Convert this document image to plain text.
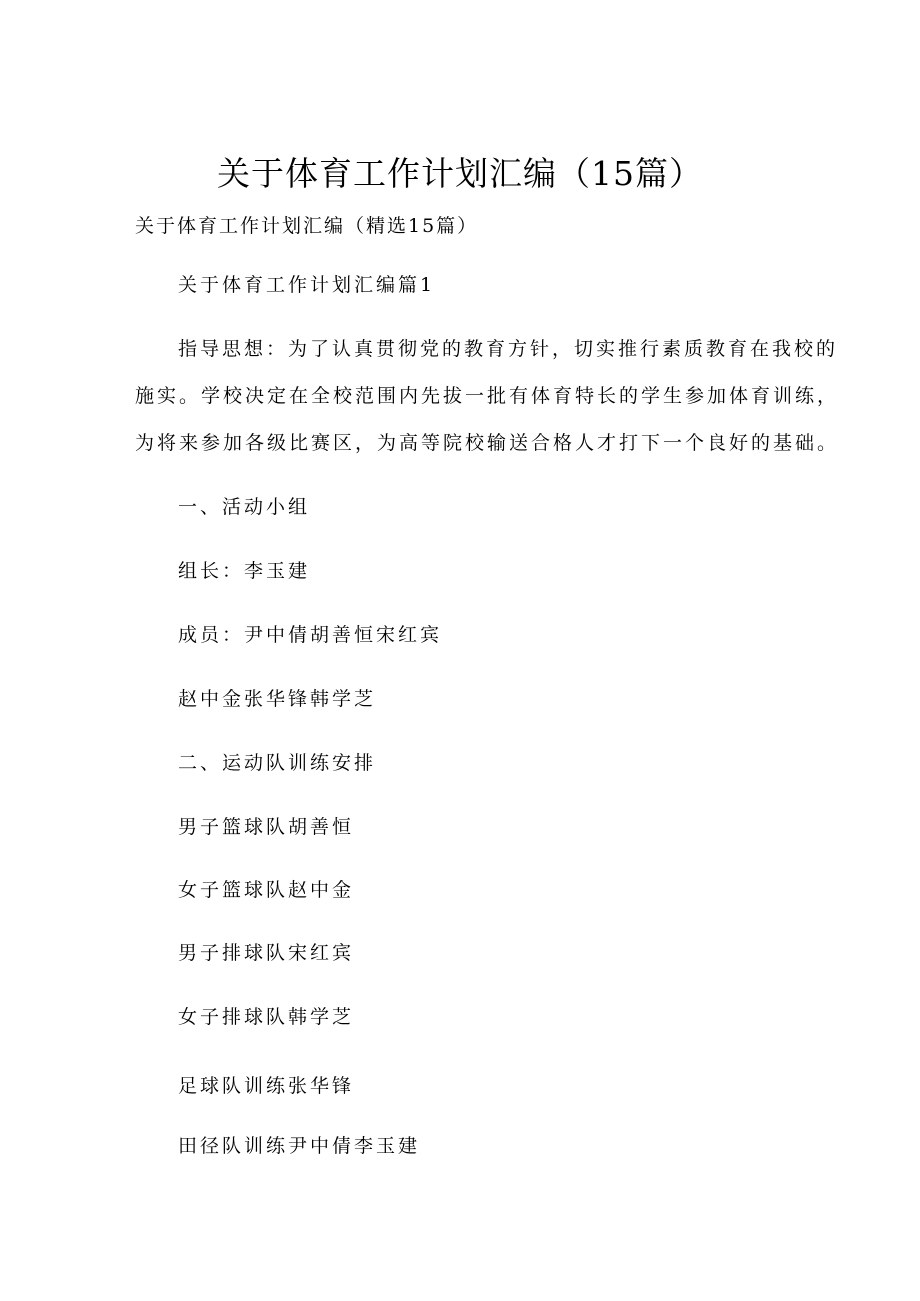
关于体育工作计划汇编（15篇）
关于体育工作计划汇编（精选15篇）
关于体育工作计划汇编篇1
指导思想：为了认真贯彻党的教育方针，切实推行素质教育在我校的
施实。学校决定在全校范围内先拔一批有体育特长的学生参加体育训练，
为将来参加各级比赛区，为高等院校输送合格人才打下一个良好的基础。
一、活动小组
组长：李玉建
成员：尹中倩胡善恒宋红宾
赵中金张华锋韩学芝
二、运动队训练安排
男子篮球队胡善恒
女子篮球队赵中金
男子排球队宋红宾
女子排球队韩学芝
足球队训练张华锋
田径队训练尹中倩李玉建
